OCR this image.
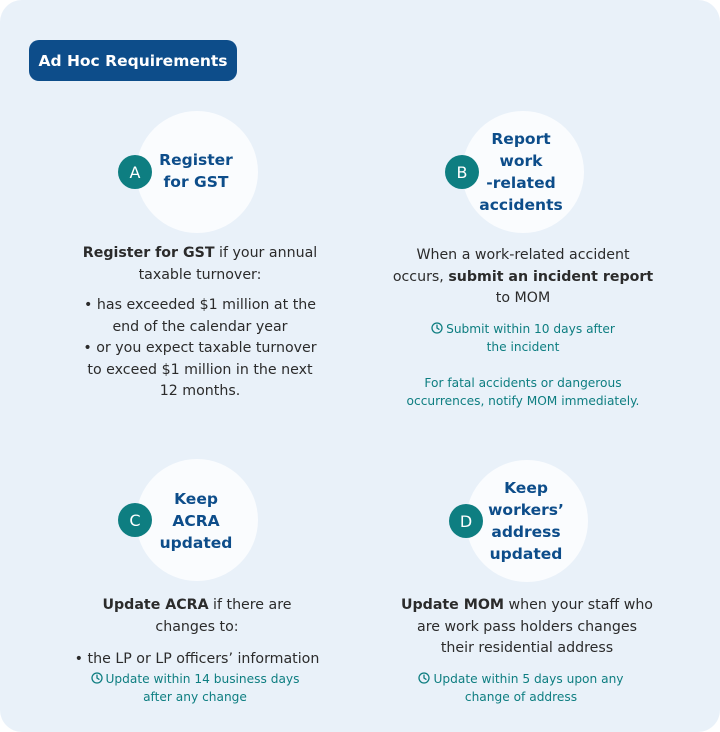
Ad Hoc Requirements
A
Register
for GST
Register for GST if your annual
taxable turnover:
• has exceeded $1 million at the
end of the calendar year
• or you expect taxable turnover
to exceed $1 million in the next
12 months.
B
Report
work
-related
accidents
When a work-related accident
occurs, submit an incident report
to MOM
Submit within 10 days after
the incident
For fatal accidents or dangerous
occurrences, notify MOM immediately.
C
Keep
ACRA
updated
Update ACRA if there are
changes to:
• the LP or LP officers’ information
Update within 14 business days
after any change
D
Keep
workers’
address
updated
Update MOM when your staff who
are work pass holders changes
their residential address
Update within 5 days upon any
change of address
